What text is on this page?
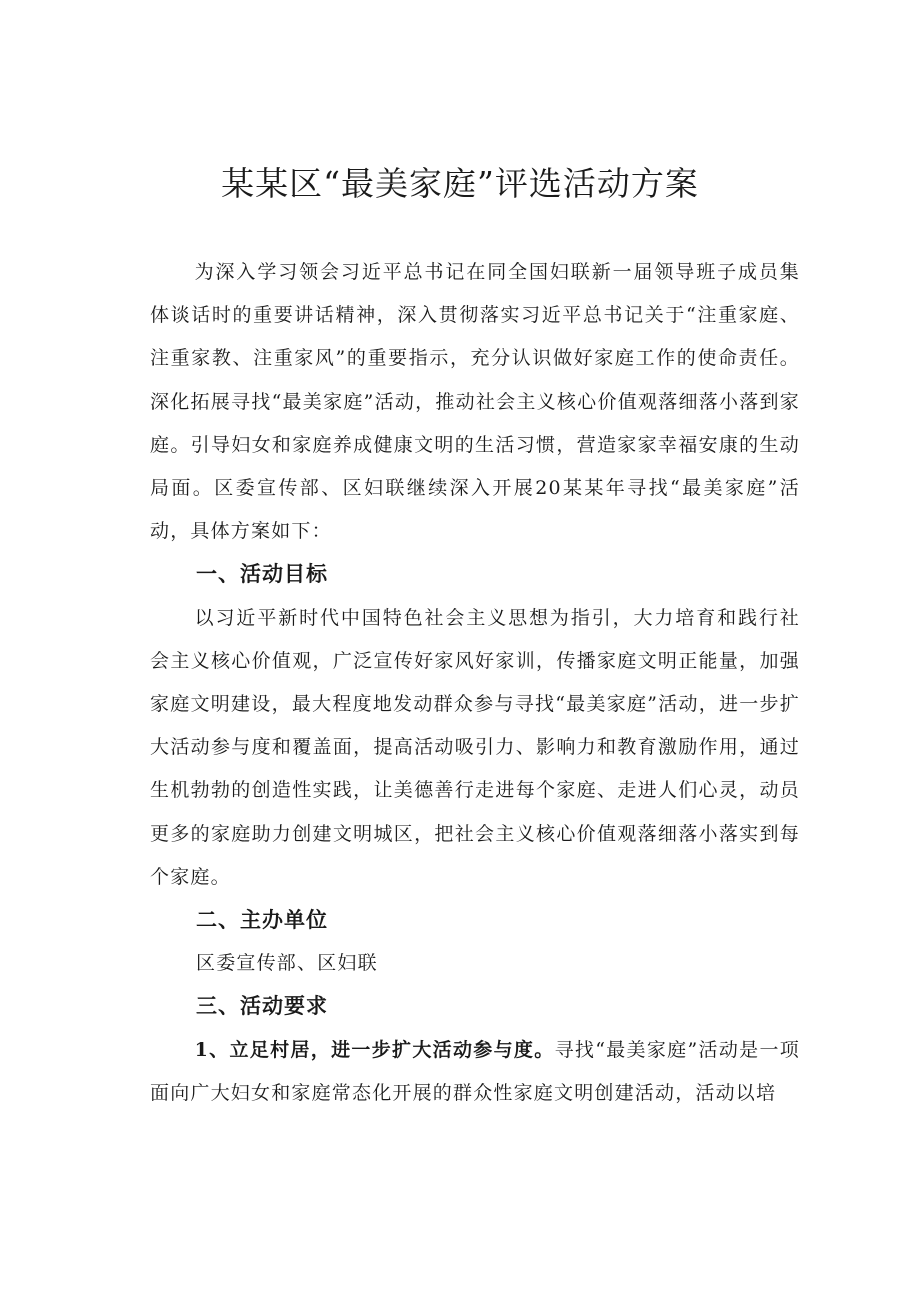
某某区“最美家庭”评选活动方案

为深入学习领会习近平总书记在同全国妇联新一届领导班子成员集体谈话时的重要讲话精神，深入贯彻落实习近平总书记关于“注重家庭、注重家教、注重家风”的重要指示，充分认识做好家庭工作的使命责任。深化拓展寻找“最美家庭”活动，推动社会主义核心价值观落细落小落到家庭。引导妇女和家庭养成健康文明的生活习惯，营造家家幸福安康的生动局面。区委宣传部、区妇联继续深入开展20某某年寻找“最美家庭”活动，具体方案如下：

一、活动目标

以习近平新时代中国特色社会主义思想为指引，大力培育和践行社会主义核心价值观，广泛宣传好家风好家训，传播家庭文明正能量，加强家庭文明建设，最大程度地发动群众参与寻找“最美家庭”活动，进一步扩大活动参与度和覆盖面，提高活动吸引力、影响力和教育激励作用，通过生机勃勃的创造性实践，让美德善行走进每个家庭、走进人们心灵，动员更多的家庭助力创建文明城区，把社会主义核心价值观落细落小落实到每个家庭。

二、主办单位

区委宣传部、区妇联

三、活动要求

1、立足村居，进一步扩大活动参与度。寻找“最美家庭”活动是一项面向广大妇女和家庭常态化开展的群众性家庭文明创建活动，活动以培
